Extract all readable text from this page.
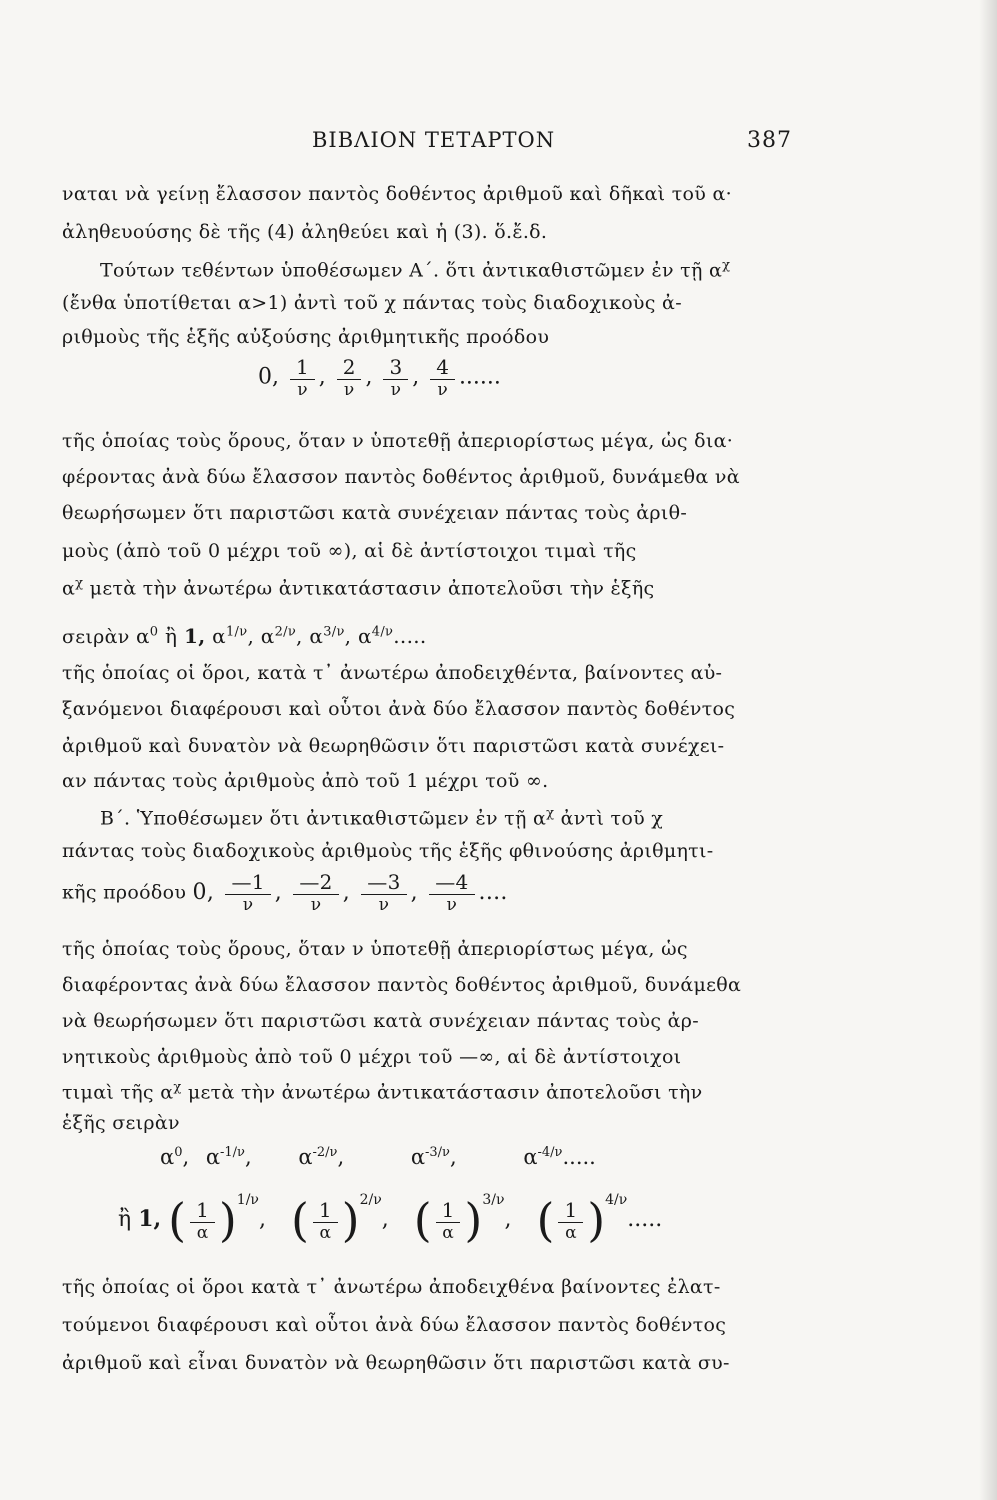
ΒΙΒΛΙΟΝ ΤΕΤΑΡΤΟΝ	387
ναται νὰ γείνῃ ἔλασσον παντὸς δοθέντος ἀριθμοῦ καὶ δῆκαὶ τοῦ α·
ἀληθευούσης δὲ τῆς (4) ἀληθεύει καὶ ἡ (3). ὅ.ἔ.δ.
Τούτων τεθέντων ὑποθέσωμεν Α΄. ὅτι ἀντικαθιστῶμεν ἐν τῇ $\alpha^\chi$
(ἔνθα ὑποτίθεται α>1) ἀντὶ τοῦ χ πάντας τοὺς διαδοχικοὺς ἀ-
ριθμοὺς τῆς ἑξῆς αὐξούσης ἀριθμητικῆς προόδου
0, $\frac{1}{\nu}$ , $\frac{2}{\nu}$ , $\frac{3}{\nu}$ , $\frac{4}{\nu}$ ......
τῆς ὁποίας τοὺς ὅρους, ὅταν ν ὑποτεθῇ ἀπεριορίστως μέγα, ὡς δια·
φέροντας ἀνὰ δύω ἔλασσον παντὸς δοθέντος ἀριθμοῦ, δυνάμεθα νὰ
θεωρήσωμεν ὅτι παριστῶσι κατὰ συνέχειαν πάντας τοὺς ἀριθ-
μοὺς (ἀπὸ τοῦ 0 μέχρι τοῦ ∞), αἱ δὲ ἀντίστοιχοι τιμαὶ τῆς
$\alpha^\chi$ μετὰ τὴν ἀνωτέρω ἀντικατάστασιν ἀποτελοῦσι τὴν ἑξῆς
σειρὰν $\alpha^0$ ἢ 1, $\alpha^{1/\nu}$, $\alpha^{2/\nu}$, $\alpha^{3/\nu}$, $\alpha^{4/\nu}$.....
τῆς ὁποίας οἱ ὅροι, κατὰ τ᾽ ἀνωτέρω ἀποδειχθέντα, βαίνοντες αὐ-
ξανόμενοι διαφέρουσι καὶ οὗτοι ἀνὰ δύο ἔλασσον παντὸς δοθέντος
ἀριθμοῦ καὶ δυνατὸν νὰ θεωρηθῶσιν ὅτι παριστῶσι κατὰ συνέχει-
αν πάντας τοὺς ἀριθμοὺς ἀπὸ τοῦ 1 μέχρι τοῦ ∞.
Β΄. Ὑποθέσωμεν ὅτι ἀντικαθιστῶμεν ἐν τῇ $\alpha^\chi$ ἀντὶ τοῦ χ
πάντας τοὺς διαδοχικοὺς ἀριθμοὺς τῆς ἑξῆς φθινούσης ἀριθμητι-
κῆς προόδου 0, $\frac{—1}{\nu}$ , $\frac{—2}{\nu}$ , $\frac{—3}{\nu}$ , $\frac{—4}{\nu}$ ....
τῆς ὁποίας τοὺς ὅρους, ὅταν ν ὑποτεθῇ ἀπεριορίστως μέγα, ὡς
διαφέροντας ἀνὰ δύω ἔλασσον παντὸς δοθέντος ἀριθμοῦ, δυνάμεθα
νὰ θεωρήσωμεν ὅτι παριστῶσι κατὰ συνέχειαν πάντας τοὺς ἀρ-
νητικοὺς ἀριθμοὺς ἀπὸ τοῦ 0 μέχρι τοῦ —∞, αἱ δὲ ἀντίστοιχοι
τιμαὶ τῆς $\alpha^\chi$ μετὰ τὴν ἀνωτέρω ἀντικατάστασιν ἀποτελοῦσι τὴν
ἑξῆς σειρὰν
$\alpha^0$, $\alpha^{-1/\nu}$, $\alpha^{-2/\nu}$,	$\alpha^{-3/\nu}$,	$\alpha^{-4/\nu}$.....
ἢ 1, ( $\frac{1}{\alpha} )^{1/\nu}$, ( $\frac{1}{\alpha} )^{2/\nu}$, ( $\frac{1}{\alpha} )^{3/\nu}$, ( $\frac{1}{\alpha} )^{4/\nu}$.....
τῆς ὁποίας οἱ ὅροι κατὰ τ᾽ ἀνωτέρω ἀποδειχθένα βαίνοντες ἐλατ-
τούμενοι διαφέρουσι καὶ οὗτοι ἀνὰ δύω ἔλασσον παντὸς δοθέντος
ἀριθμοῦ καὶ εἶναι δυνατὸν νὰ θεωρηθῶσιν ὅτι παριστῶσι κατὰ συ-
